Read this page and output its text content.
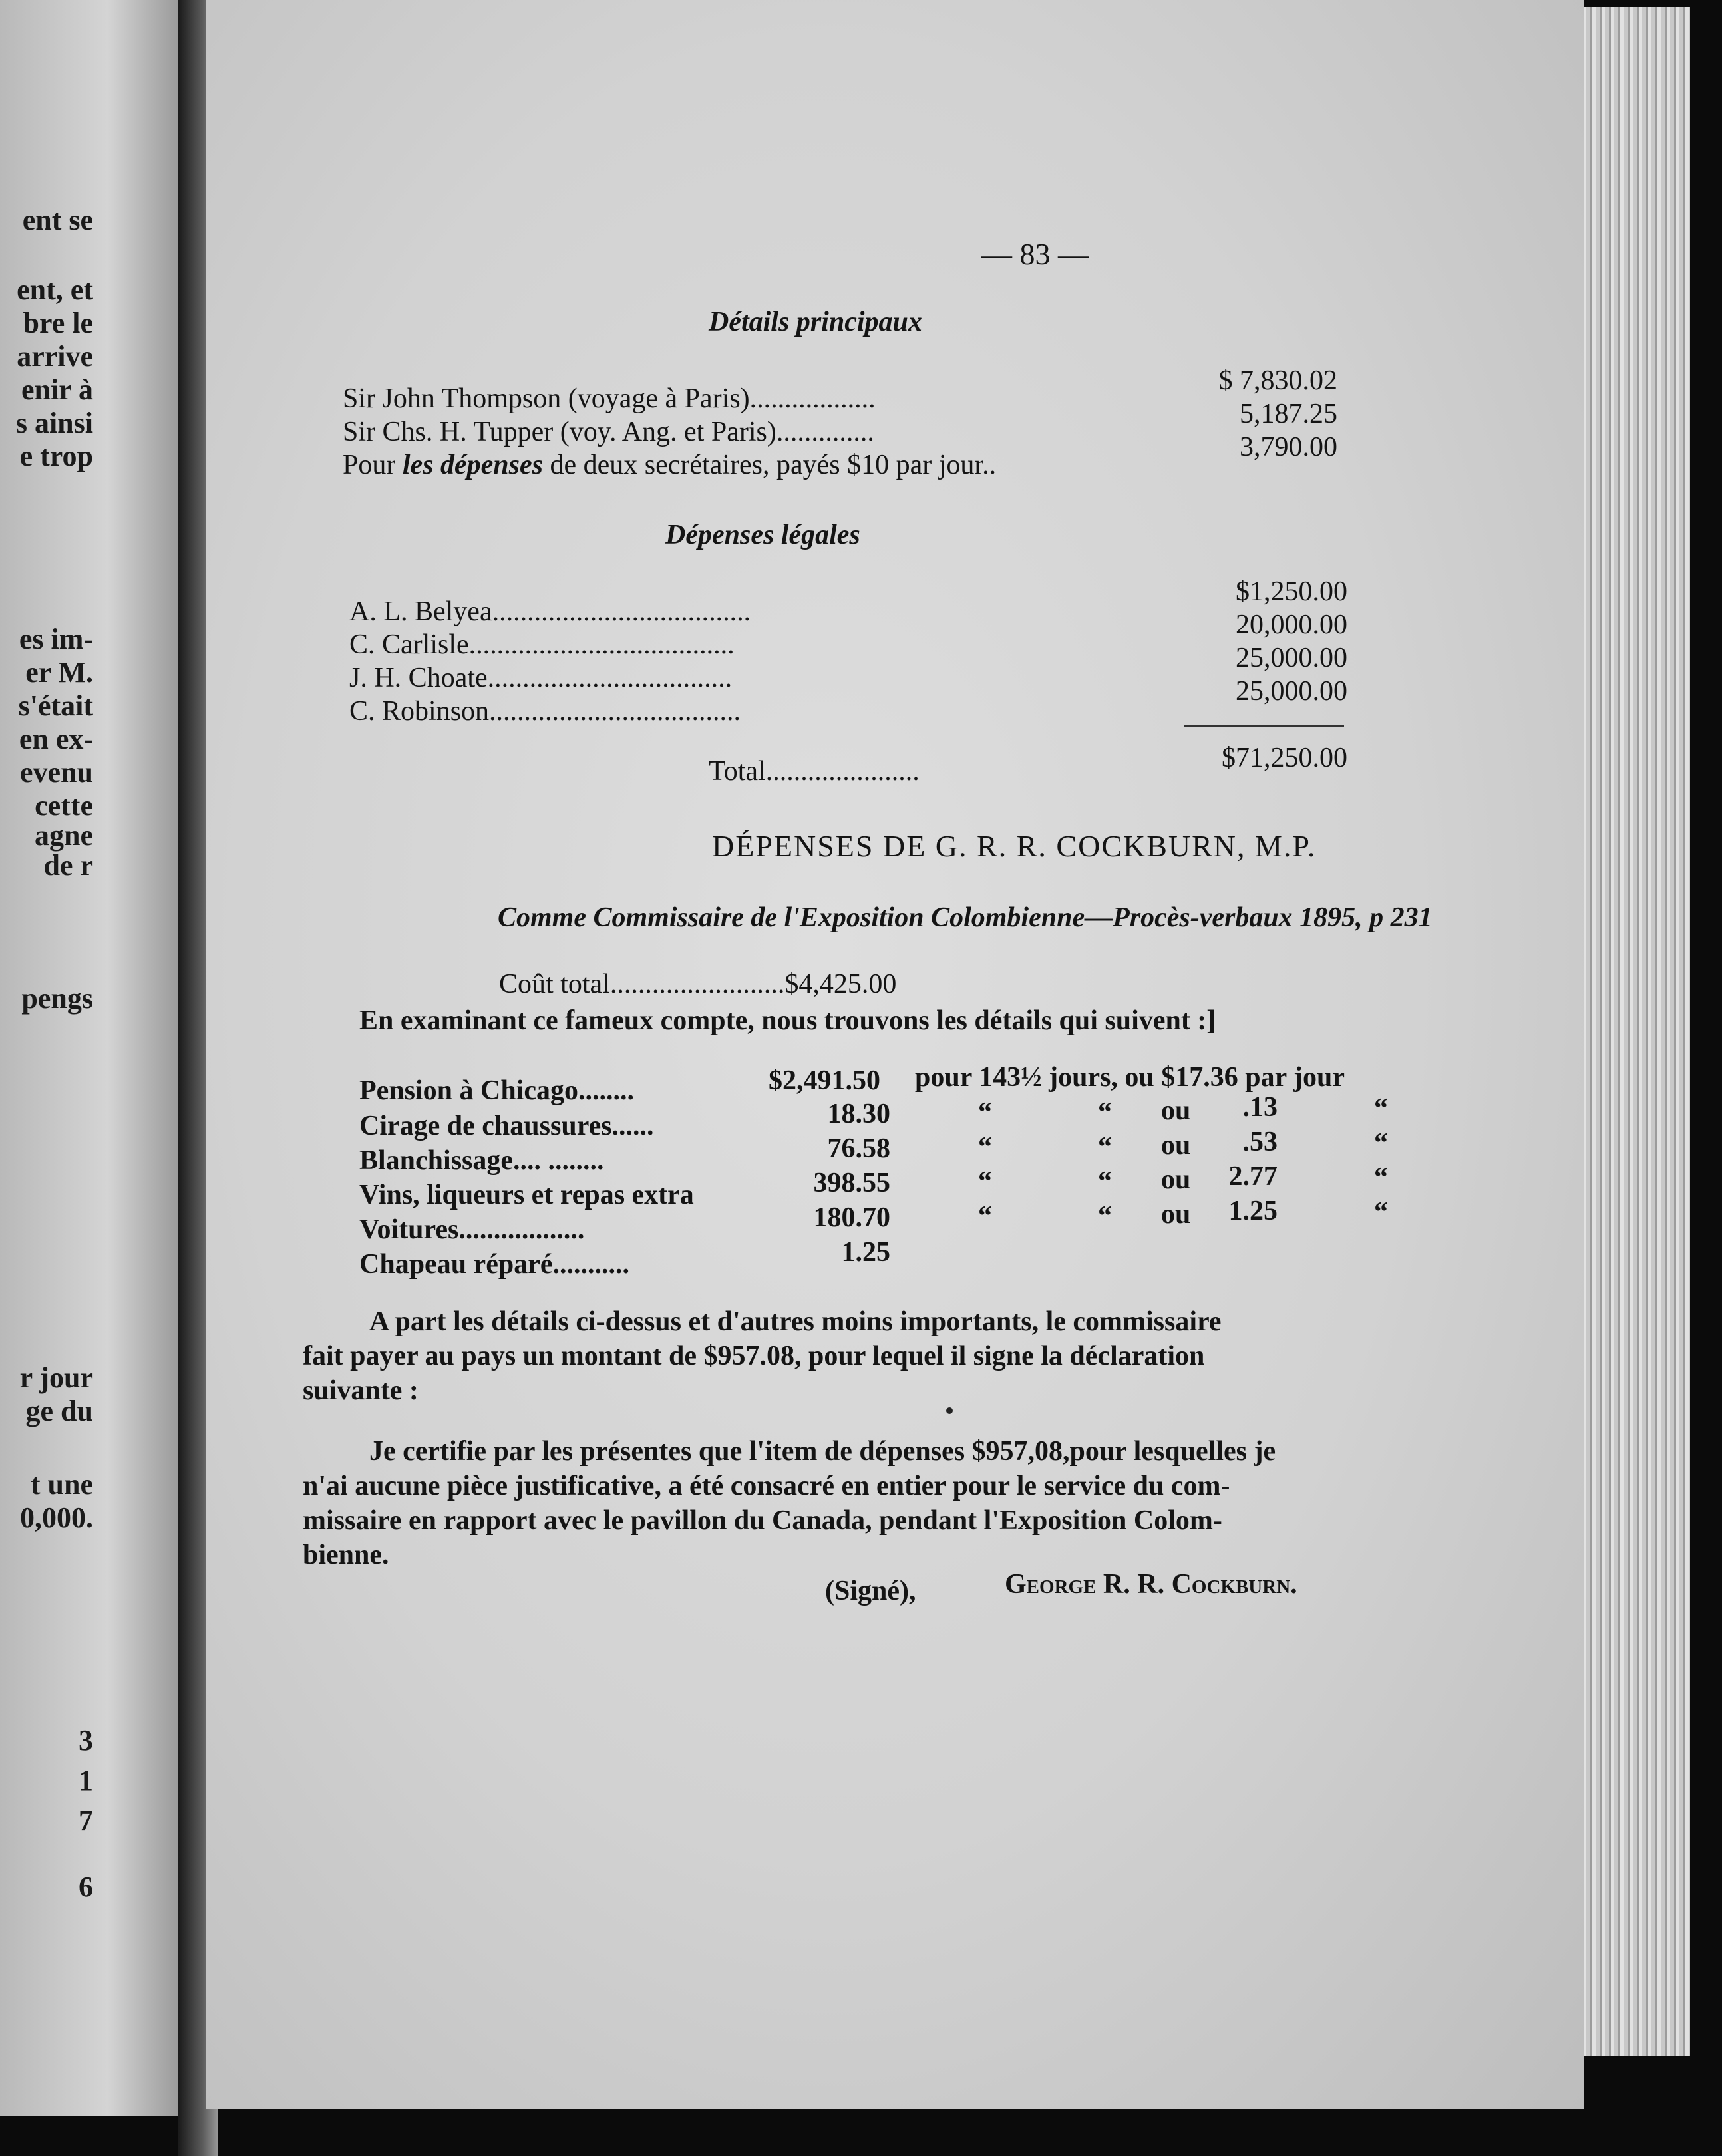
ent se
ent, et
bre le
arrive
enir à
s ainsi
e trop
es im-
er M.
s'était
en ex-
evenu
cette
agne
de r
pengs
r jour
ge du
t une
0,000.
3
1
7
6
— 83 —
Détails principaux
Sir John Thompson (voyage à Paris)..................
$ 7,830.02
Sir Chs. H. Tupper (voy. Ang. et Paris)..............
5,187.25
Pour les dépenses de deux secrétaires, payés $10 par jour..
3,790.00
Dépenses légales
A. L. Belyea.....................................
$1,250.00
C. Carlisle......................................
20,000.00
J. H. Choate...................................
25,000.00
C. Robinson....................................
25,000.00
Total......................	$71,250.00
DÉPENSES DE G. R. R. COCKBURN, M.P.
Comme Commissaire de l'Exposition Colombienne—Procès-verbaux 1895, p 231
Coût total.........................$4,425.00
En examinant ce fameux compte, nous trouvons les détails qui suivent :]
Pension à Chicago........	$2,491.50 pour 143½ jours, ou $17.36 par jour
Cirage de chaussures......	18.30	“	“ ou .13	“
Blanchissage.... ........	76.58	“	“ ou .53	“
Vins, liqueurs et repas extra	398.55	“	“ ou 2.77	“
Voitures..................	180.70	“	“ ou 1.25	“
Chapeau réparé...........	1.25
A part les détails ci-dessus et d'autres moins importants, le commissaire
fait payer au pays un montant de $957.08, pour lequel il signe la déclaration
suivante :
Je certifie par les présentes que l'item de dépenses $957,08,pour lesquelles je
n'ai aucune pièce justificative, a été consacré en entier pour le service du com-
missaire en rapport avec le pavillon du Canada, pendant l'Exposition Colom-
bienne.
(Signé),	George R. R. Cockburn.
